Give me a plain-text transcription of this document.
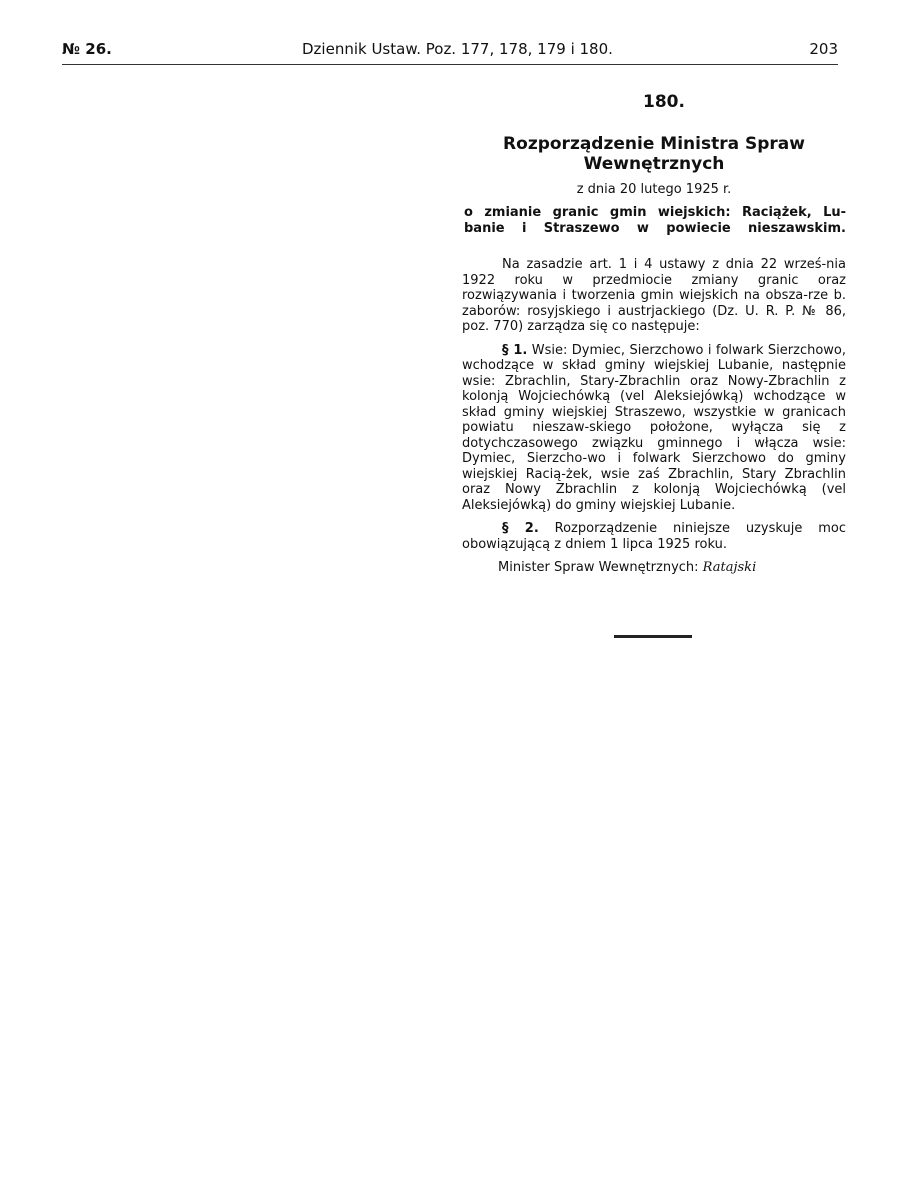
№ 26.	Dziennik Ustaw. Poz. 177, 178, 179 i 180.	203
180.
Rozporządzenie Ministra Spraw
Wewnętrznych
z dnia 20 lutego 1925 r.
o zmianie granic gmin wiejskich: Raciążek, Lu-
banie i Straszewo w powiecie nieszawskim.

Na zasadzie art. 1 i 4 ustawy z dnia 22 wrześ-nia 1922 roku w przedmiocie zmiany granic oraz rozwiązywania i tworzenia gmin wiejskich na obsza-rze b. zaborów: rosyjskiego i austrjackiego (Dz. U. R. P. № 86, poz. 770) zarządza się co następuje:

§ 1. Wsie: Dymiec, Sierzchowo i folwark Sierzchowo, wchodzące w skład gminy wiejskiej Lubanie, następnie wsie: Zbrachlin, Stary-Zbrachlin oraz Nowy-Zbrachlin z kolonją Wojciechówką (vel Aleksiejówką) wchodzące w skład gminy wiejskiej Straszewo, wszystkie w granicach powiatu nieszaw-skiego położone, wyłącza się z dotychczasowego związku gminnego i włącza wsie: Dymiec, Sierzcho-wo i folwark Sierzchowo do gminy wiejskiej Racią-żek, wsie zaś Zbrachlin, Stary Zbrachlin oraz Nowy Zbrachlin z kolonją Wojciechówką (vel Aleksiejówką) do gminy wiejskiej Lubanie.

§ 2. Rozporządzenie niniejsze uzyskuje moc obowiązującą z dniem 1 lipca 1925 roku.

Minister Spraw Wewnętrznych: Ratajski
